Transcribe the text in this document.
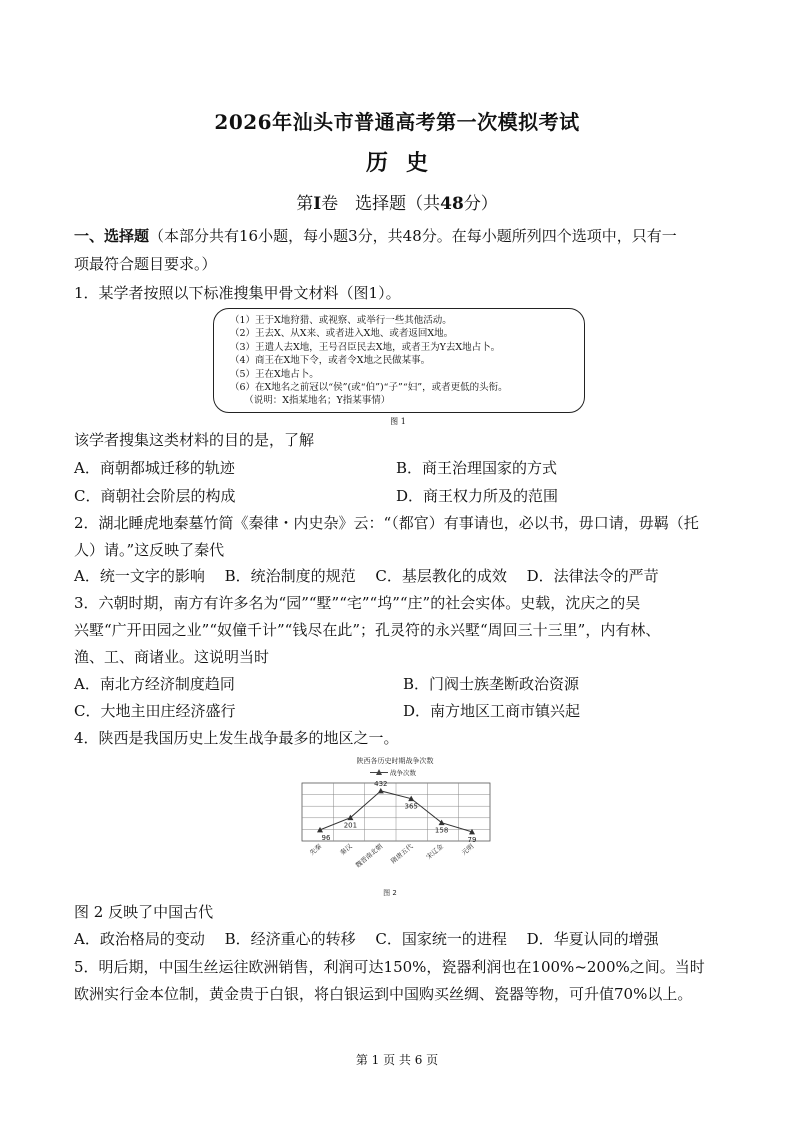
2026年汕头市普通高考第一次模拟考试
历史
第I卷　选择题（共48分）
一、选择题（本部分共有16小题，每小题3分，共48分。在每小题所列四个选项中，只有一
项最符合题目要求。）
1．某学者按照以下标准搜集甲骨文材料（图1）。
（1）王于X地狩猎、或视察、或举行一些其他活动。
（2）王去X、从X来、或者进入X地、或者返回X地。
（3）王遣人去X地，王号召臣民去X地，或者王为Y去X地占卜。
（4）商王在X地下令，或者令X地之民做某事。
（5）王在X地占卜。
（6）在X地名之前冠以“侯”(或“伯”)“子”“妇”，或者更低的头衔。
　　（说明：X指某地名；Y指某事情）
图 1
该学者搜集这类材料的目的是，了解
A．商朝都城迁移的轨迹	B．商王治理国家的方式
C．商朝社会阶层的构成	D．商王权力所及的范围
2．湖北睡虎地秦墓竹简《秦律・内史杂》云：“（都官）有事请也，必以书，毋口请，毋羁（托
人）请。”这反映了秦代
A．统一文字的影响　 B．统治制度的规范　 C．基层教化的成效　 D．法律法令的严苛
3．六朝时期，南方有许多名为“园”“墅”“宅”“坞”“庄”的社会实体。史载，沈庆之的吴
兴墅“广开田园之业”“奴僮千计”“钱尽在此”；孔灵符的永兴墅“周回三十三里”，内有林、
渔、工、商诸业。这说明当时
A．南北方经济制度趋同	B．门阀士族垄断政治资源
C．大地主田庄经济盛行	D．南方地区工商市镇兴起
4．陕西是我国历史上发生战争最多的地区之一。
陕西各历史时期战争次数
战争次数
96
201
432
365
158
79
先秦 秦汉 魏晋南北朝 隋唐五代 宋辽金 元明
图 2
图 2 反映了中国古代
A．政治格局的变动　 B．经济重心的转移　 C．国家统一的进程　 D．华夏认同的增强
5．明后期，中国生丝运往欧洲销售，利润可达150%，瓷器利润也在100%~200%之间。当时
欧洲实行金本位制，黄金贵于白银，将白银运到中国购买丝绸、瓷器等物，可升值70%以上。
第 1 页 共 6 页
